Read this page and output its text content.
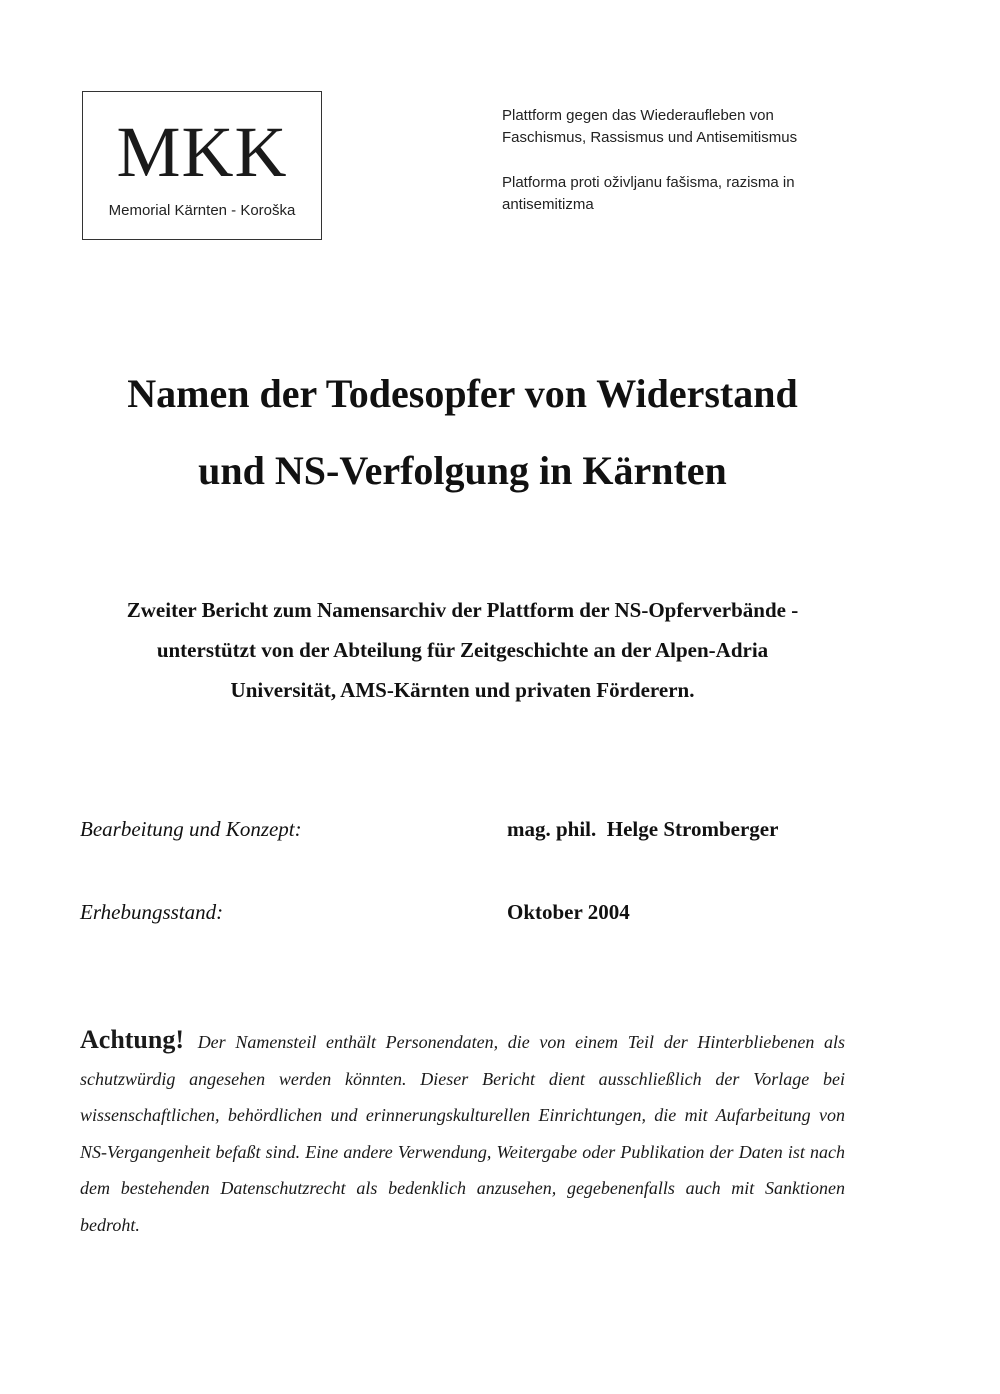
MKK
Memorial Kärnten - Koroška

Plattform gegen das Wiederaufleben von Faschismus, Rassismus und Antisemitismus

Platforma proti oživljanu fašisma, razisma in antisemitizma

Namen der Todesopfer von Widerstand
und NS-Verfolgung in Kärnten
Zweiter Bericht zum Namensarchiv der Plattform der NS-Opferverbände -
unterstützt von der Abteilung für Zeitgeschichte an der Alpen-Adria
Universität, AMS-Kärnten und privaten Förderern.
Bearbeitung und Konzept:	mag. phil.  Helge Stromberger
Erhebungsstand:	Oktober 2004
Achtung! Der Namensteil enthält Personendaten, die von einem Teil der Hinterbliebenen als schutzwürdig angesehen werden könnten. Dieser Bericht dient ausschließlich der Vorlage bei wissenschaftlichen, behördlichen und erinnerungskulturellen Einrichtungen, die mit Aufarbeitung von NS-Vergangenheit befaßt sind. Eine andere Verwendung, Weitergabe oder Publikation der Daten ist nach dem bestehenden Datenschutzrecht als bedenklich anzusehen, gegebenenfalls auch mit Sanktionen bedroht.
